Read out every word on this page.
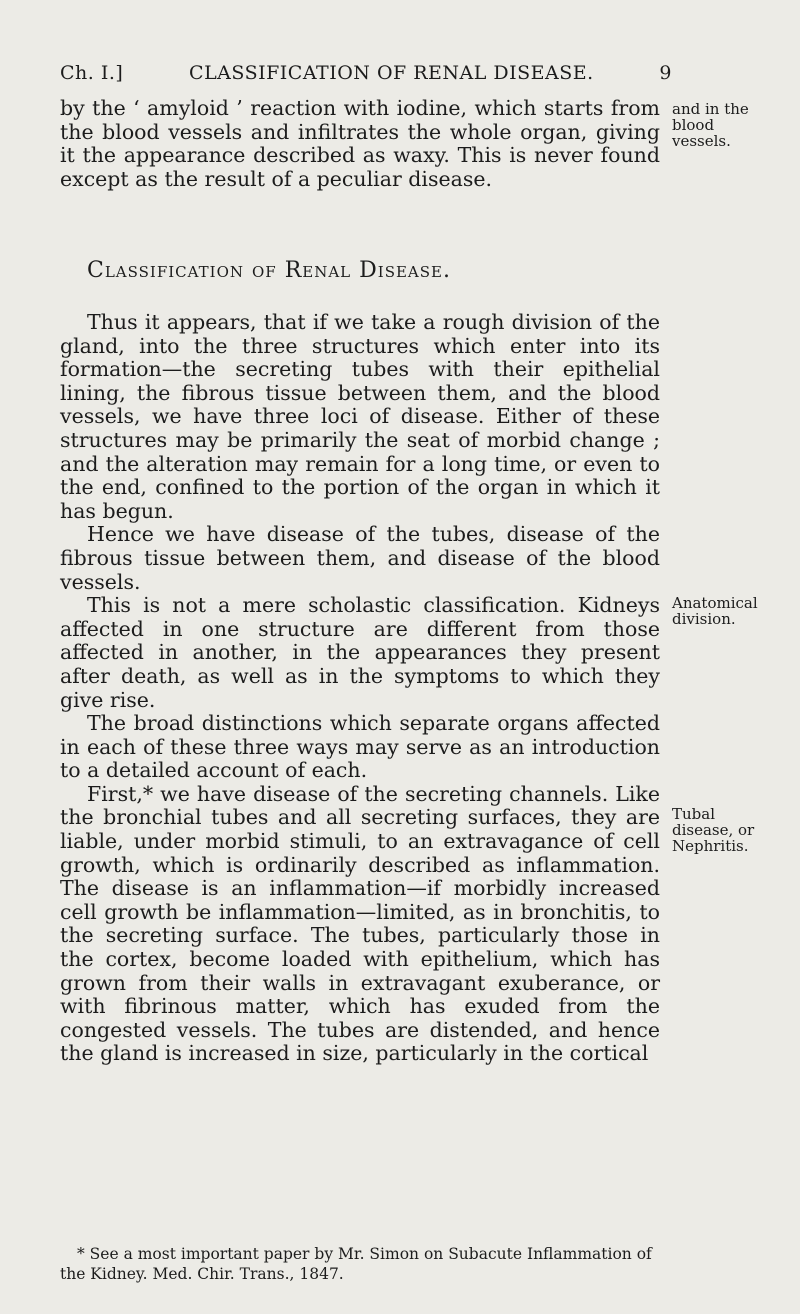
Ch. I.]	CLASSIFICATION OF RENAL DISEASE.	9

by the ‘ amyloid ’ reaction with iodine, which starts from the blood vessels and infiltrates the whole organ, giving it the appearance described as waxy. This is never found except as the result of a peculiar disease.

and in the blood vessels.
Classification of Renal Disease.

Thus it appears, that if we take a rough division of the gland, into the three structures which enter into its formation—the secreting tubes with their epithelial lining, the fibrous tissue between them, and the blood vessels, we have three loci of disease. Either of these structures may be primarily the seat of morbid change ; and the alteration may remain for a long time, or even to the end, confined to the portion of the organ in which it has begun.

Hence we have disease of the tubes, disease of the fibrous tissue between them, and disease of the blood vessels.

This is not a mere scholastic classification. Kidneys affected in one structure are different from those affected in another, in the appearances they present after death, as well as in the symptoms to which they give rise.

The broad distinctions which separate organs affected in each of these three ways may serve as an introduction to a detailed account of each.

First,* we have disease of the secreting channels. Like the bronchial tubes and all secreting surfaces, they are liable, under morbid stimuli, to an extravagance of cell growth, which is ordinarily described as inflammation. The disease is an inflammation—if morbidly increased cell growth be inflammation—limited, as in bronchitis, to the secreting surface. The tubes, particularly those in the cortex, become loaded with epithelium, which has grown from their walls in extravagant exuberance, or with fibrinous matter, which has exuded from the congested vessels. The tubes are distended, and hence the gland is increased in size, particularly in the cortical

Anatomical division.
Tubal disease, or Nephritis.

* See a most important paper by Mr. Simon on Subacute Inflammation of the Kidney. Med. Chir. Trans., 1847.
